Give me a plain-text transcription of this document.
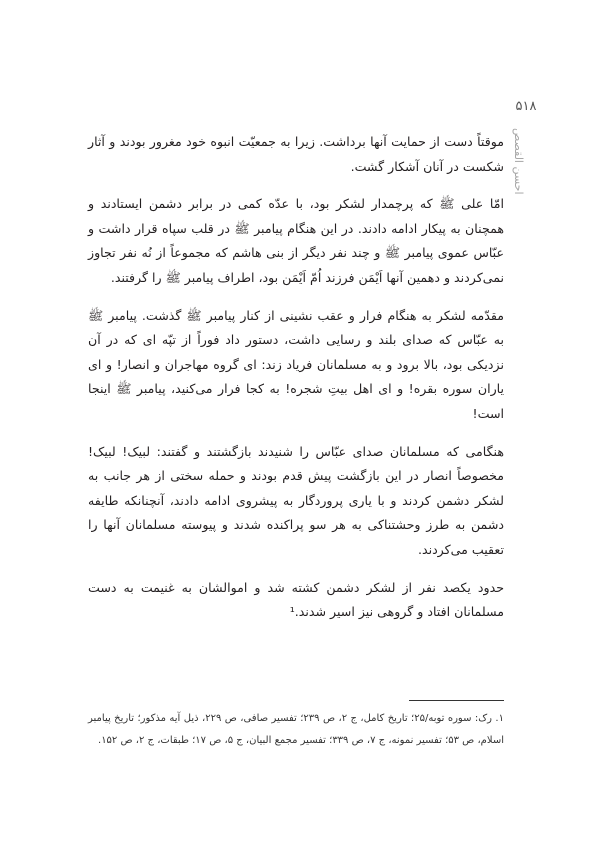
۵۱۸
احسن القصص

موقتاً دست از حمایت آنها برداشت. زیرا به جمعیّت انبوه خود مغرور بودند و آثار شکست در آنان آشکار گشت.

امّا علی ﷺ که پرچمدار لشکر بود، با عدّه کمی در برابر دشمن ایستادند و همچنان به پیکار ادامه دادند. در این هنگام پیامبر ﷺ در قلب سپاه قرار داشت و عبّاس عموی پیامبر ﷺ و چند نفر دیگر از بنی هاشم که مجموعاً از نُه نفر تجاوز نمی‌کردند و دهمین آنها اَیْمَن فرزند اُمّ اَیْمَن بود، اطراف پیامبر ﷺ را گرفتند.

مقدّمه لشکر به هنگام فرار و عقب نشینی از کنار پیامبر ﷺ گذشت. پیامبر ﷺ به عبّاس که صدای بلند و رسایی داشت، دستور داد فوراً از تپّه ای که در آن نزدیکی بود، بالا برود و به مسلمانان فریاد زند: ای گروه مهاجران و انصار! و ای یاران سوره بقره! و ای اهل بیتِ شجره! به کجا فرار می‌کنید، پیامبر ﷺ اینجا است!

هنگامی که مسلمانان صدای عبّاس را شنیدند بازگشتند و گفتند: لبیک! لبیک! مخصوصاً انصار در این بازگشت پیش قدم بودند و حمله سختی از هر جانب به لشکر دشمن کردند و با یاری پروردگار به پیشروی ادامه دادند، آنچنانکه طایفه دشمن به طرز وحشتناکی به هر سو پراکنده شدند و پیوسته مسلمانان آنها را تعقیب می‌کردند.

حدود یکصد نفر از لشکر دشمن کشته شد و اموالشان به غنیمت به دست مسلمانان افتاد و گروهی نیز اسیر شدند.¹

۱. رک: سوره توبه/۲۵؛ تاریخ کامل، ج ۲، ص ۲۳۹؛ تفسیر صافی، ص ۲۲۹، ذیل آیه مذکور؛ تاریخ پیامبر اسلام، ص ۵۳؛ تفسیر نمونه، ج ۷، ص ۳۳۹؛ تفسیر مجمع البیان، ج ۵، ص ۱۷؛ طبقات، ج ۲، ص ۱۵۲.
